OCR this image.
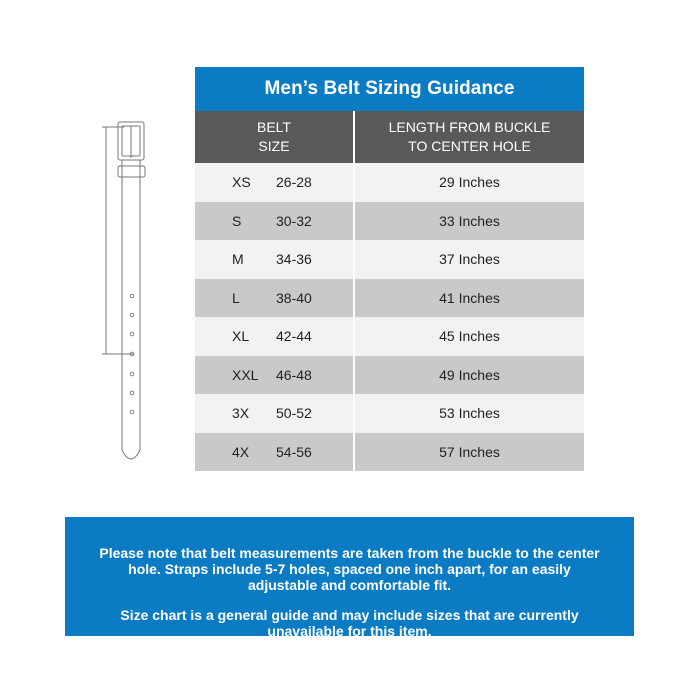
Men’s Belt Sizing Guidance
BELT
SIZE
LENGTH FROM BUCKLE
TO CENTER HOLE
XS 26-28	29 Inches
S 30-32	33 Inches
M 34-36	37 Inches
L	38-40	41 Inches
XL 42-44	45 Inches
XXL 46-48	49 Inches
3X 50-52	53 Inches
4X 54-56	57 Inches

Please note that belt measurements are taken from the buckle to the center hole. Straps include 5-7 holes, spaced one inch apart, for an easily adjustable and comfortable fit.

Size chart is a general guide and may include sizes that are currently unavailable for this item.
